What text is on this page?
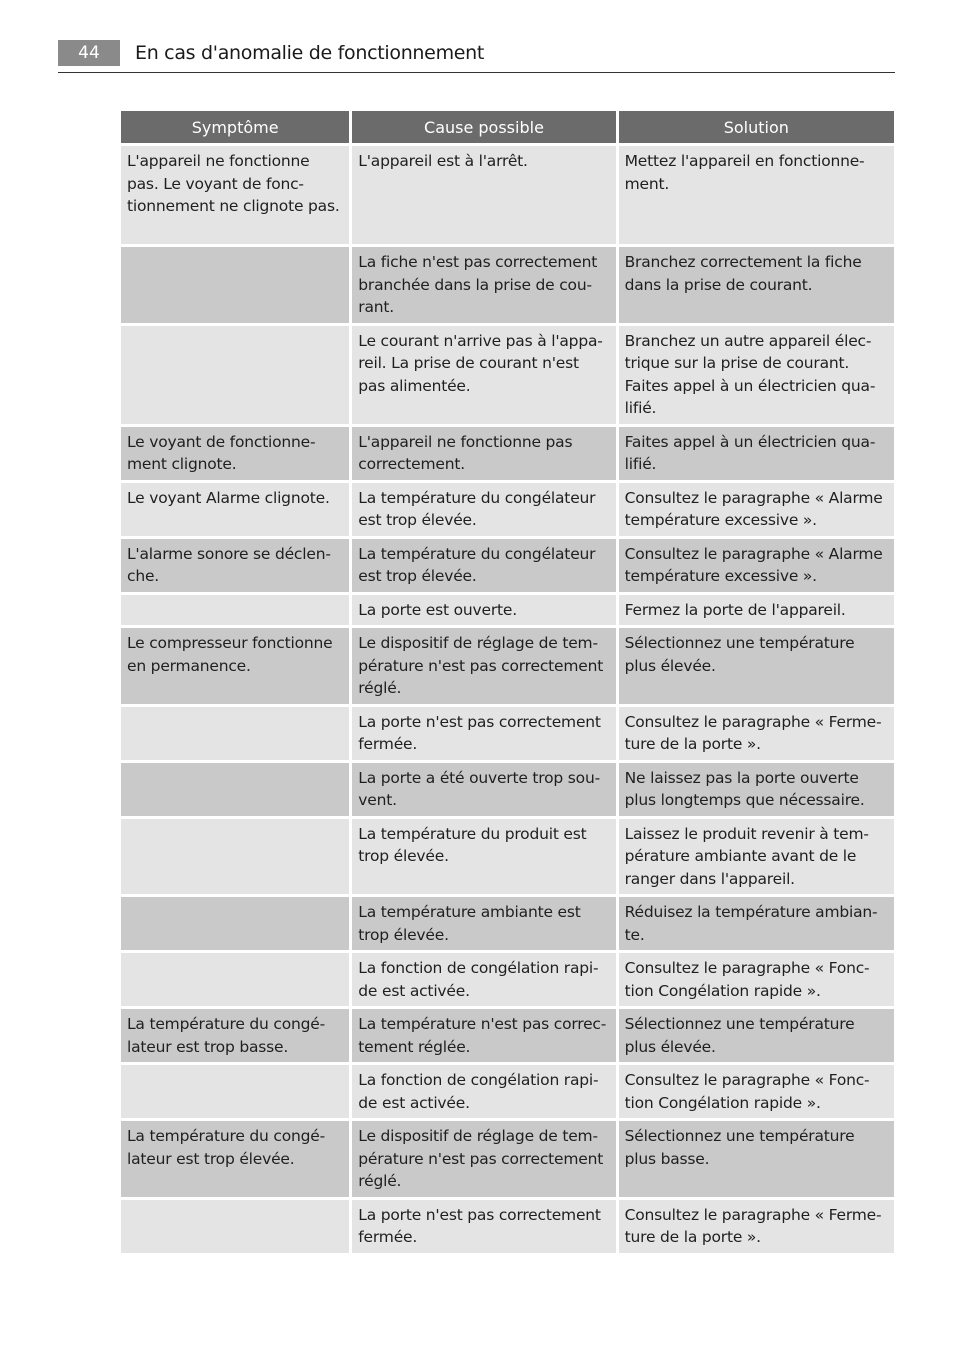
44	En cas d'anomalie de fonctionnement
Symptôme	Cause possible	Solution
L'appareil ne fonctionne pas. Le voyant de fonc-tionnement ne clignote pas.	L'appareil est à l'arrêt.	Mettez l'appareil en fonctionne-ment.
	La fiche n'est pas correctement branchée dans la prise de cou-rant.	Branchez correctement la fiche dans la prise de courant.
	Le courant n'arrive pas à l'appa-reil. La prise de courant n'est pas alimentée.	Branchez un autre appareil élec-trique sur la prise de courant. Faites appel à un électricien qua-lifié.
Le voyant de fonctionne-ment clignote.	L'appareil ne fonctionne pas correctement.	Faites appel à un électricien qua-lifié.
Le voyant Alarme clignote.	La température du congélateur est trop élevée.	Consultez le paragraphe « Alarme température excessive ».
L'alarme sonore se déclen-che.	La température du congélateur est trop élevée.	Consultez le paragraphe « Alarme température excessive ».
	La porte est ouverte.	Fermez la porte de l'appareil.
Le compresseur fonctionne en permanence.	Le dispositif de réglage de tem-pérature n'est pas correctement réglé.	Sélectionnez une température plus élevée.
	La porte n'est pas correctement fermée.	Consultez le paragraphe « Ferme-ture de la porte ».
	La porte a été ouverte trop sou-vent.	Ne laissez pas la porte ouverte plus longtemps que nécessaire.
	La température du produit est trop élevée.	Laissez le produit revenir à tem-pérature ambiante avant de le ranger dans l'appareil.
	La température ambiante est trop élevée.	Réduisez la température ambian-te.
	La fonction de congélation rapi-de est activée.	Consultez le paragraphe « Fonc-tion Congélation rapide ».
La température du congé-lateur est trop basse.	La température n'est pas correc-tement réglée.	Sélectionnez une température plus élevée.
	La fonction de congélation rapi-de est activée.	Consultez le paragraphe « Fonc-tion Congélation rapide ».
La température du congé-lateur est trop élevée.	Le dispositif de réglage de tem-pérature n'est pas correctement réglé.	Sélectionnez une température plus basse.
	La porte n'est pas correctement fermée.	Consultez le paragraphe « Ferme-ture de la porte ».
